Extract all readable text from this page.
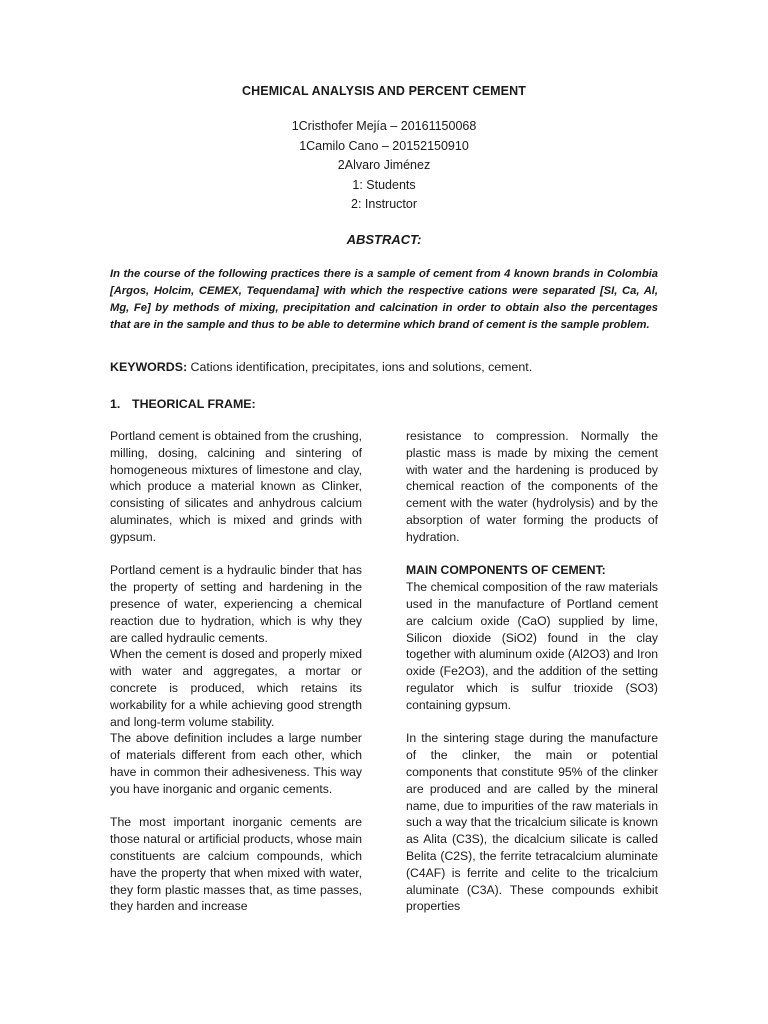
CHEMICAL ANALYSIS AND PERCENT CEMENT
1Cristhofer Mejía – 20161150068
1Camilo Cano – 20152150910
2Alvaro Jiménez
1: Students
2: Instructor
ABSTRACT:
In the course of the following practices there is a sample of cement from 4 known brands in Colombia [Argos, Holcim, CEMEX, Tequendama] with which the respective cations were separated [SI, Ca, Al, Mg, Fe] by methods of mixing, precipitation and calcination in order to obtain also the percentages that are in the sample and thus to be able to determine which brand of cement is the sample problem.
KEYWORDS: Cations identification, precipitates, ions and solutions, cement.
1. THEORICAL FRAME:

Portland cement is obtained from the crushing, milling, dosing, calcining and sintering of homogeneous mixtures of limestone and clay, which produce a material known as Clinker, consisting of silicates and anhydrous calcium aluminates, which is mixed and grinds with gypsum.

Portland cement is a hydraulic binder that has the property of setting and hardening in the presence of water, experiencing a chemical reaction due to hydration, which is why they are called hydraulic cements.

When the cement is dosed and properly mixed with water and aggregates, a mortar or concrete is produced, which retains its workability for a while achieving good strength and long-term volume stability.

The above definition includes a large number of materials different from each other, which have in common their adhesiveness. This way you have inorganic and organic cements.

The most important inorganic cements are those natural or artificial products, whose main constituents are calcium compounds, which have the property that when mixed with water, they form plastic masses that, as time passes, they harden and increase

resistance to compression. Normally the plastic mass is made by mixing the cement with water and the hardening is produced by chemical reaction of the components of the cement with the water (hydrolysis) and by the absorption of water forming the products of hydration.

MAIN COMPONENTS OF CEMENT:

The chemical composition of the raw materials used in the manufacture of Portland cement are calcium oxide (CaO) supplied by lime, Silicon dioxide (SiO2) found in the clay together with aluminum oxide (Al2O3) and Iron oxide (Fe2O3), and the addition of the setting regulator which is sulfur trioxide (SO3) containing gypsum.

In the sintering stage during the manufacture of the clinker, the main or potential components that constitute 95% of the clinker are produced and are called by the mineral name, due to impurities of the raw materials in such a way that the tricalcium silicate is known as Alita (C3S), the dicalcium silicate is called Belita (C2S), the ferrite tetracalcium aluminate (C4AF) is ferrite and celite to the tricalcium aluminate (C3A). These compounds exhibit properties
